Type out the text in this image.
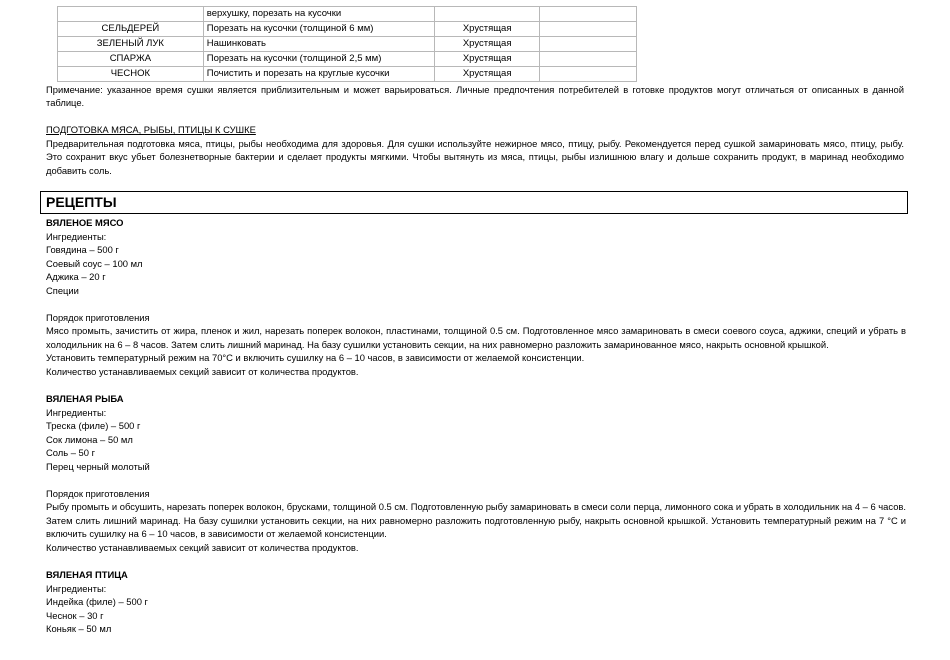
	верхушку, порезать на кусочки		
СЕЛЬДЕРЕЙ	Порезать на кусочки (толщиной 6 мм)	Хрустящая	
ЗЕЛЕНЫЙ ЛУК	Нашинковать	Хрустящая	
СПАРЖА	Порезать на кусочки (толщиной 2,5 мм)	Хрустящая	
ЧЕСНОК	Почистить и порезать на круглые кусочки	Хрустящая	
Примечание: указанное время сушки является приблизительным и может варьироваться. Личные предпочтения потребителей в готовке продуктов могут отличаться от описанных в данной таблице.
ПОДГОТОВКА МЯСА, РЫБЫ, ПТИЦЫ К СУШКЕ
Предварительная подготовка мяса, птицы, рыбы необходима для здоровья. Для сушки используйте нежирное мясо, птицу, рыбу. Рекомендуется перед сушкой замариновать мясо, птицу, рыбу. Это сохранит вкус убьет болезнетворные бактерии и сделает продукты мягкими. Чтобы вытянуть из мяса, птицы, рыбы излишнюю влагу и дольше сохранить продукт, в маринад необходимо добавить соль.
РЕЦЕПТЫ
ВЯЛЕНОЕ МЯСО
Ингредиенты:
Говядина – 500 г
Соевый соус – 100 мл
Аджика – 20 г
Специи
Порядок приготовления
Мясо промыть, зачистить от жира, пленок и жил, нарезать поперек волокон, пластинами, толщиной 0.5 см. Подготовленное мясо замариновать в смеси соевого соуса, аджики, специй и убрать в холодильник на 6 – 8 часов. Затем слить лишний маринад. На базу сушилки установить секции, на них равномерно разложить замаринованное мясо, накрыть основной крышкой.
Установить температурный режим на 70°С и включить сушилку на 6 – 10 часов, в зависимости от желаемой консистенции.
Количество устанавливаемых секций зависит от количества продуктов.
ВЯЛЕНАЯ РЫБА
Ингредиенты:
Треска (филе) – 500 г
Сок лимона – 50 мл
Соль – 50 г
Перец черный молотый
Порядок приготовления
Рыбу промыть и обсушить, нарезать поперек волокон, брусками, толщиной 0.5 см. Подготовленную рыбу замариновать в смеси соли перца, лимонного сока и убрать в холодильник на 4 – 6 часов. Затем слить лишний маринад. На базу сушилки установить секции, на них равномерно разложить подготовленную рыбу, накрыть основной крышкой. Установить температурный режим на 7 °С и включить сушилку на 6 – 10 часов, в зависимости от желаемой консистенции.
Количество устанавливаемых секций зависит от количества продуктов.
ВЯЛЕНАЯ ПТИЦА
Ингредиенты:
Индейка (филе) – 500 г
Чеснок – 30 г
Коньяк – 50 мл
